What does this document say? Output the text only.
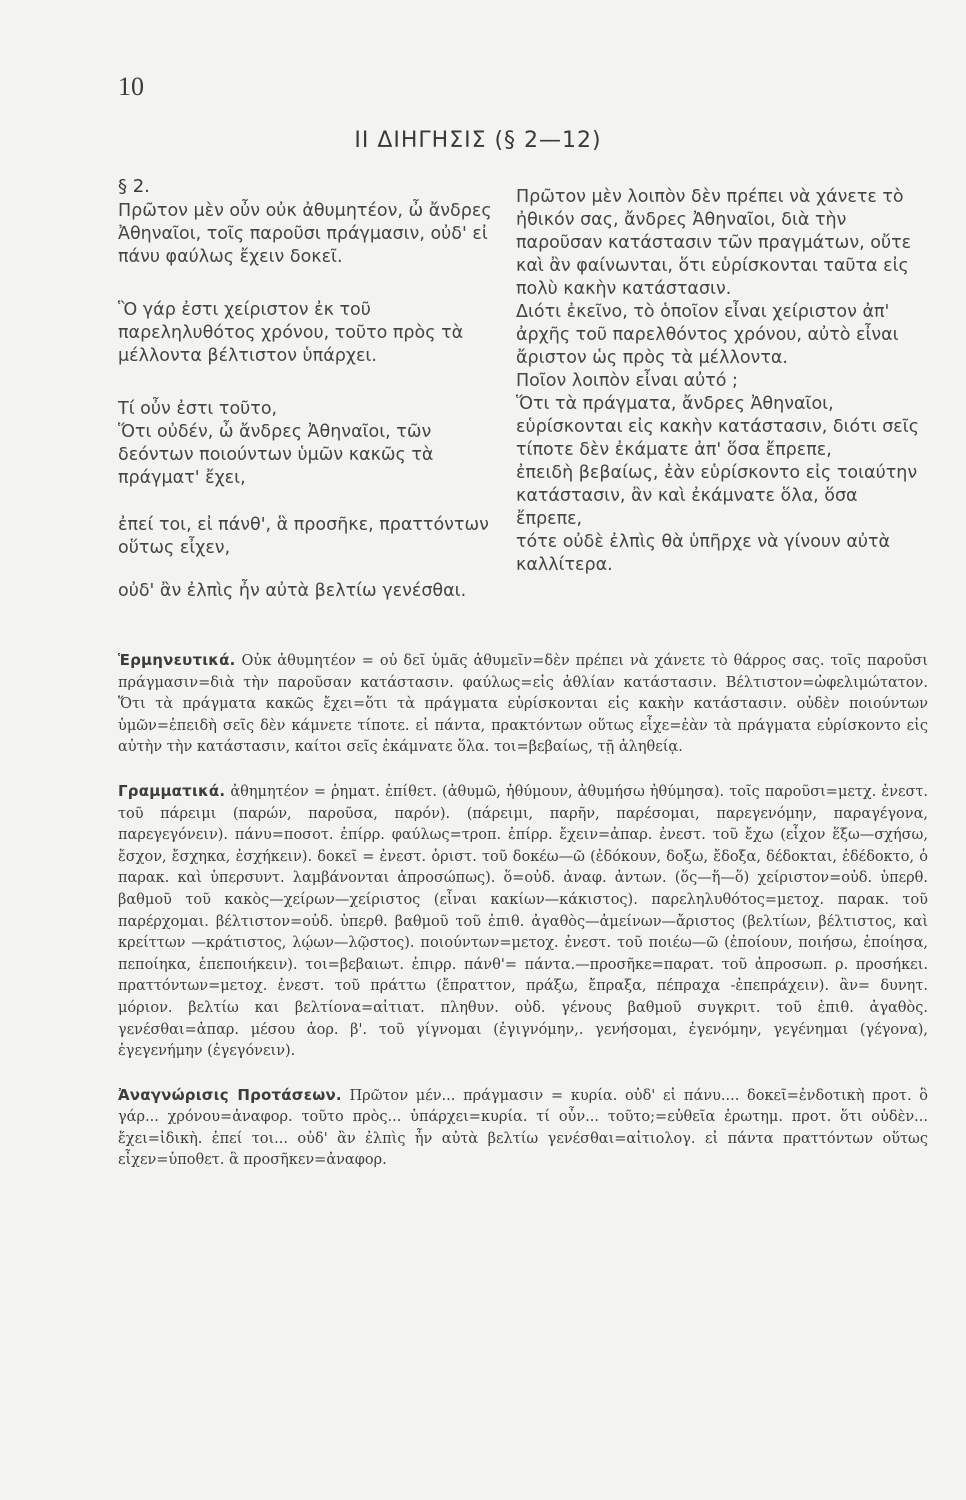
10
II ΔΙΗΓΗΣΙΣ (§ 2—12)
§ 2.

Πρῶτον μὲν οὖν οὐκ ἀθυμητέον, ὦ ἄνδρες Ἀθηναῖοι, τοῖς παροῦσι πράγμασιν, οὐδ' εἰ πάνυ φαύλως ἔχειν δοκεῖ.

Ὃ γάρ ἐστι χείριστον ἐκ τοῦ παρεληλυθότος χρόνου, τοῦτο πρὸς τὰ μέλλοντα βέλτιστον ὑπάρχει.

Τί οὖν ἐστι τοῦτο,

Ὅτι οὐδέν, ὦ ἄνδρες Ἀθηναῖοι, τῶν δεόντων ποιούντων ὑμῶν κακῶς τὰ πράγματ' ἔχει,

ἐπεί τοι, εἰ πάνθ', ἃ προσῆκε, πραττόντων οὕτως εἶχεν,

οὐδ' ἂν ἐλπὶς ἦν αὐτὰ βελτίω γενέσθαι.

Πρῶτον μὲν λοιπὸν δὲν πρέπει νὰ χάνετε τὸ ἠθικόν σας, ἄνδρες Ἀθηναῖοι, διὰ τὴν παροῦσαν κατάστασιν τῶν πραγμάτων, οὔτε καὶ ἂν φαίνωνται, ὅτι εὑρίσκονται ταῦτα εἰς πολὺ κακὴν κατάστασιν.

Διότι ἐκεῖνο, τὸ ὁποῖον εἶναι χείριστον ἀπ' ἀρχῆς τοῦ παρελθόντος χρόνου, αὐτὸ εἶναι ἄριστον ὡς πρὸς τὰ μέλλοντα.

Ποῖον λοιπὸν εἶναι αὐτό ;

Ὅτι τὰ πράγματα, ἄνδρες Ἀθηναῖοι, εὑρίσκονται εἰς κακὴν κατάστασιν, διότι σεῖς τίποτε δὲν ἐκάματε ἀπ' ὅσα ἔπρεπε,

ἐπειδὴ βεβαίως, ἐὰν εὑρίσκοντο εἰς τοιαύτην κατάστασιν, ἂν καὶ ἐκάμνατε ὅλα, ὅσα ἔπρεπε,

τότε οὐδὲ ἐλπὶς θὰ ὑπῆρχε νὰ γίνουν αὐτὰ καλλίτερα.

Ἑρμηνευτικά. Οὐκ ἀθυμητέον = οὐ δεῖ ὑμᾶς ἀθυμεῖν=δὲν πρέπει νὰ χάνετε τὸ θάρρος σας. τοῖς παροῦσι πράγμασιν=διὰ τὴν παροῦσαν κατάστασιν. φαύλως=εἰς ἀθλίαν κατάστασιν. Βέλτιστον=ὠφελιμώτατον. Ὅτι τὰ πράγματα κακῶς ἔχει=ὅτι τὰ πράγματα εὑρίσκονται εἰς κακὴν κατάστασιν. οὐδὲν ποιούντων ὑμῶν=ἐπειδὴ σεῖς δὲν κάμνετε τίποτε. εἰ πάντα, πρακτόντων οὕτως εἶχε=ἐὰν τὰ πράγματα εὑρίσκοντο εἰς αὐτὴν τὴν κατάστασιν, καίτοι σεῖς ἐκάμνατε ὅλα. τοι=βεβαίως, τῇ ἀληθείᾳ.

Γραμματικά. ἀθημητέον = ῥηματ. ἐπίθετ. (ἀθυμῶ, ἠθύμουν, ἀθυμήσω ἠθύμησα). τοῖς παροῦσι=μετχ. ἐνεστ. τοῦ πάρειμι (παρών, παροῦσα, παρόν). (πάρειμι, παρῆν, παρέσομαι, παρεγενόμην, παραγέγονα, παρεγεγόνειν). πάνυ=ποσοτ. ἐπίρρ. φαύλως=τροπ. ἐπίρρ. ἔχειν=ἀπαρ. ἐνεστ. τοῦ ἔχω (εἶχον ἕξω—σχήσω, ἔσχον, ἔσχηκα, ἐσχήκειν). δοκεῖ = ἐνεστ. ὁριστ. τοῦ δοκέω—ῶ (ἐδόκουν, δοξω, ἔδοξα, δέδοκται, ἐδέδοκτο, ὁ παρακ. καὶ ὑπερσυντ. λαμβάνονται ἀπροσώπως). ὅ=οὐδ. ἀναφ. ἀντων. (ὅς—ἥ—ὅ) χείριστον=οὐδ. ὑπερθ. βαθμοῦ τοῦ κακὸς—χείρων—χείριστος (εἶναι κακίων—κάκιστος). παρεληλυθότος=μετοχ. παρακ. τοῦ παρέρχομαι. βέλτιστον=οὐδ. ὑπερθ. βαθμοῦ τοῦ ἐπιθ. ἀγαθὸς—ἀμείνων—ἄριστος (βελτίων, βέλτιστος, καὶ κρείττων —κράτιστος, λῴων—λῷστος). ποιούντων=μετοχ. ἐνεστ. τοῦ ποιέω—ῶ (ἐποίουν, ποιήσω, ἐποίησα, πεποίηκα, ἐπεποιήκειν). τοι=βεβαιωτ. ἐπιρρ. πάνθ'= πάντα.—προσῆκε=παρατ. τοῦ ἀπροσωπ. ρ. προσήκει. πραττόντων=μετοχ. ἐνεστ. τοῦ πράττω (ἔπραττον, πράξω, ἔπραξα, πέπραχα -ἐπεπράχειν). ἂν= δυνητ. μόριον. βελτίω και βελτίονα=αἰτιατ. πληθυν. οὐδ. γένους βαθμοῦ συγκριτ. τοῦ ἐπιθ. ἀγαθὸς. γενέσθαι=ἀπαρ. μέσου ἀορ. β'. τοῦ γίγνομαι (ἐγιγνόμην,. γενήσομαι, ἐγενόμην, γεγένημαι (γέγονα), ἐγεγενήμην (ἐγεγόνειν).

Ἀναγνώρισις Προτάσεων. Πρῶτον μέν... πράγμασιν = κυρία. οὐδ' εἰ πάνυ.... δοκεῖ=ἐνδοτικὴ προτ. ὃ γάρ... χρόνου=ἀναφορ. τοῦτο πρὸς... ὑπάρχει=κυρία. τί οὖν... τοῦτο;=εὐθεῖα ἐρωτημ. προτ. ὅτι οὐδὲν... ἔχει=ἰδικὴ. ἐπεί τοι... οὐδ' ἂν ἐλπὶς ἦν αὐτὰ βελτίω γενέσθαι=αἰτιολογ. εἰ πάντα πραττόντων οὕτως εἶχεν=ὑποθετ. ἃ προσῆκεν=ἀναφορ.
